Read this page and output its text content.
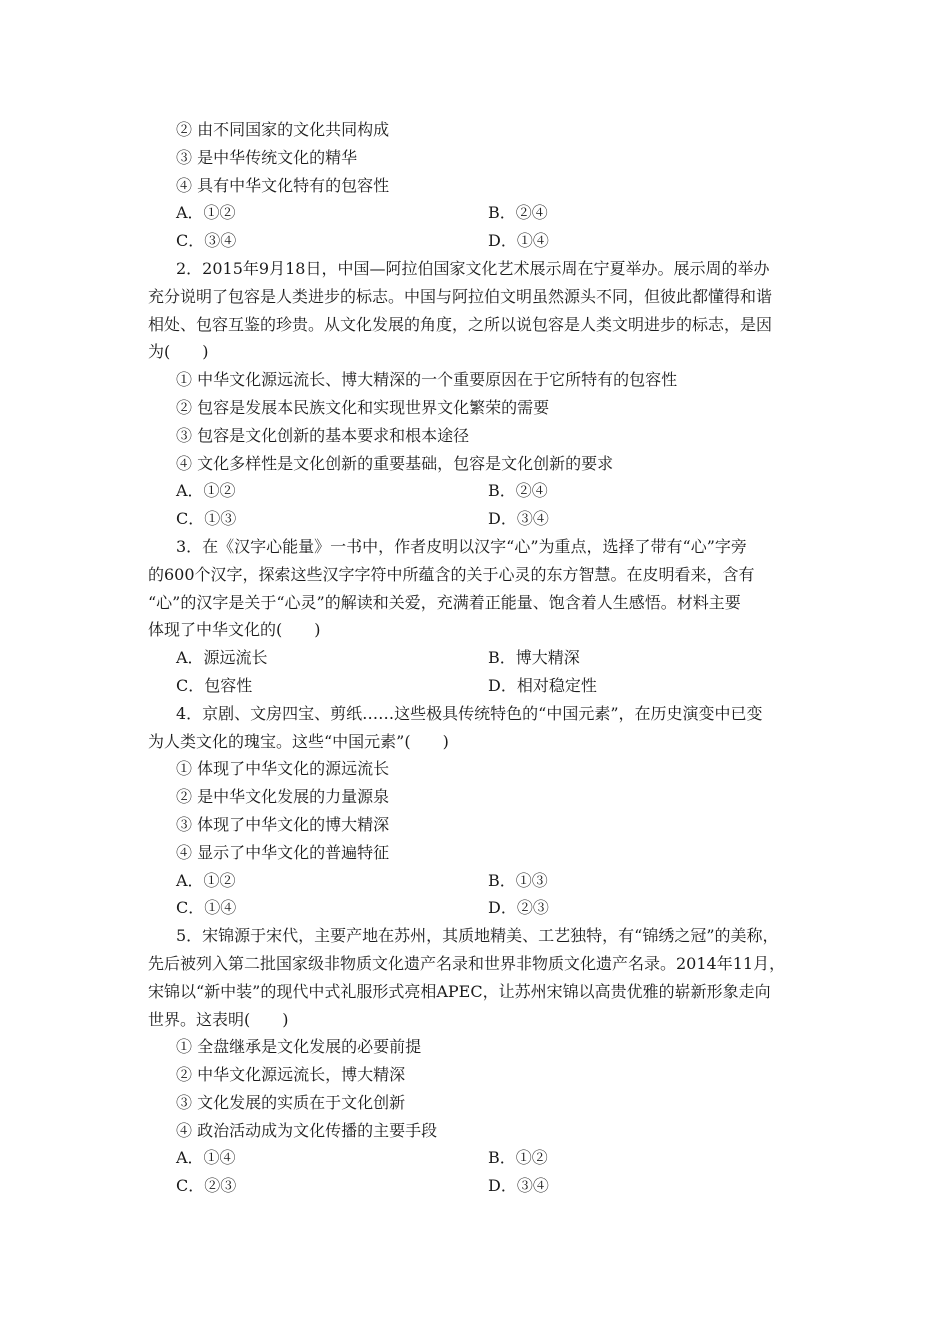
② 由不同国家的文化共同构成
③ 是中华传统文化的精华
④ 具有中华文化特有的包容性
A．①②	B．②④
C．③④	D．①④
2．2015年9月18日，中国—阿拉伯国家文化艺术展示周在宁夏举办。展示周的举办
充分说明了包容是人类进步的标志。中国与阿拉伯文明虽然源头不同，但彼此都懂得和谐
相处、包容互鉴的珍贵。从文化发展的角度，之所以说包容是人类文明进步的标志，是因
为(　　)
① 中华文化源远流长、博大精深的一个重要原因在于它所特有的包容性
② 包容是发展本民族文化和实现世界文化繁荣的需要
③ 包容是文化创新的基本要求和根本途径
④ 文化多样性是文化创新的重要基础，包容是文化创新的要求
A．①②	B．②④
C．①③	D．③④
3．在《汉字心能量》一书中，作者皮明以汉字“心”为重点，选择了带有“心”字旁
的600个汉字，探索这些汉字字符中所蕴含的关于心灵的东方智慧。在皮明看来，含有
“心”的汉字是关于“心灵”的解读和关爱，充满着正能量、饱含着人生感悟。材料主要
体现了中华文化的(　　)
A．源远流长	B．博大精深
C．包容性	D．相对稳定性
4．京剧、文房四宝、剪纸……这些极具传统特色的“中国元素”，在历史演变中已变
为人类文化的瑰宝。这些“中国元素”(　　)
① 体现了中华文化的源远流长
② 是中华文化发展的力量源泉
③ 体现了中华文化的博大精深
④ 显示了中华文化的普遍特征
A．①②	B．①③
C．①④	D．②③
5．宋锦源于宋代，主要产地在苏州，其质地精美、工艺独特，有“锦绣之冠”的美称，
先后被列入第二批国家级非物质文化遗产名录和世界非物质文化遗产名录。2014年11月，
宋锦以“新中装”的现代中式礼服形式亮相APEC，让苏州宋锦以高贵优雅的崭新形象走向
世界。这表明(　　)
① 全盘继承是文化发展的必要前提
② 中华文化源远流长，博大精深
③ 文化发展的实质在于文化创新
④ 政治活动成为文化传播的主要手段
A．①④	B．①②
C．②③	D．③④
